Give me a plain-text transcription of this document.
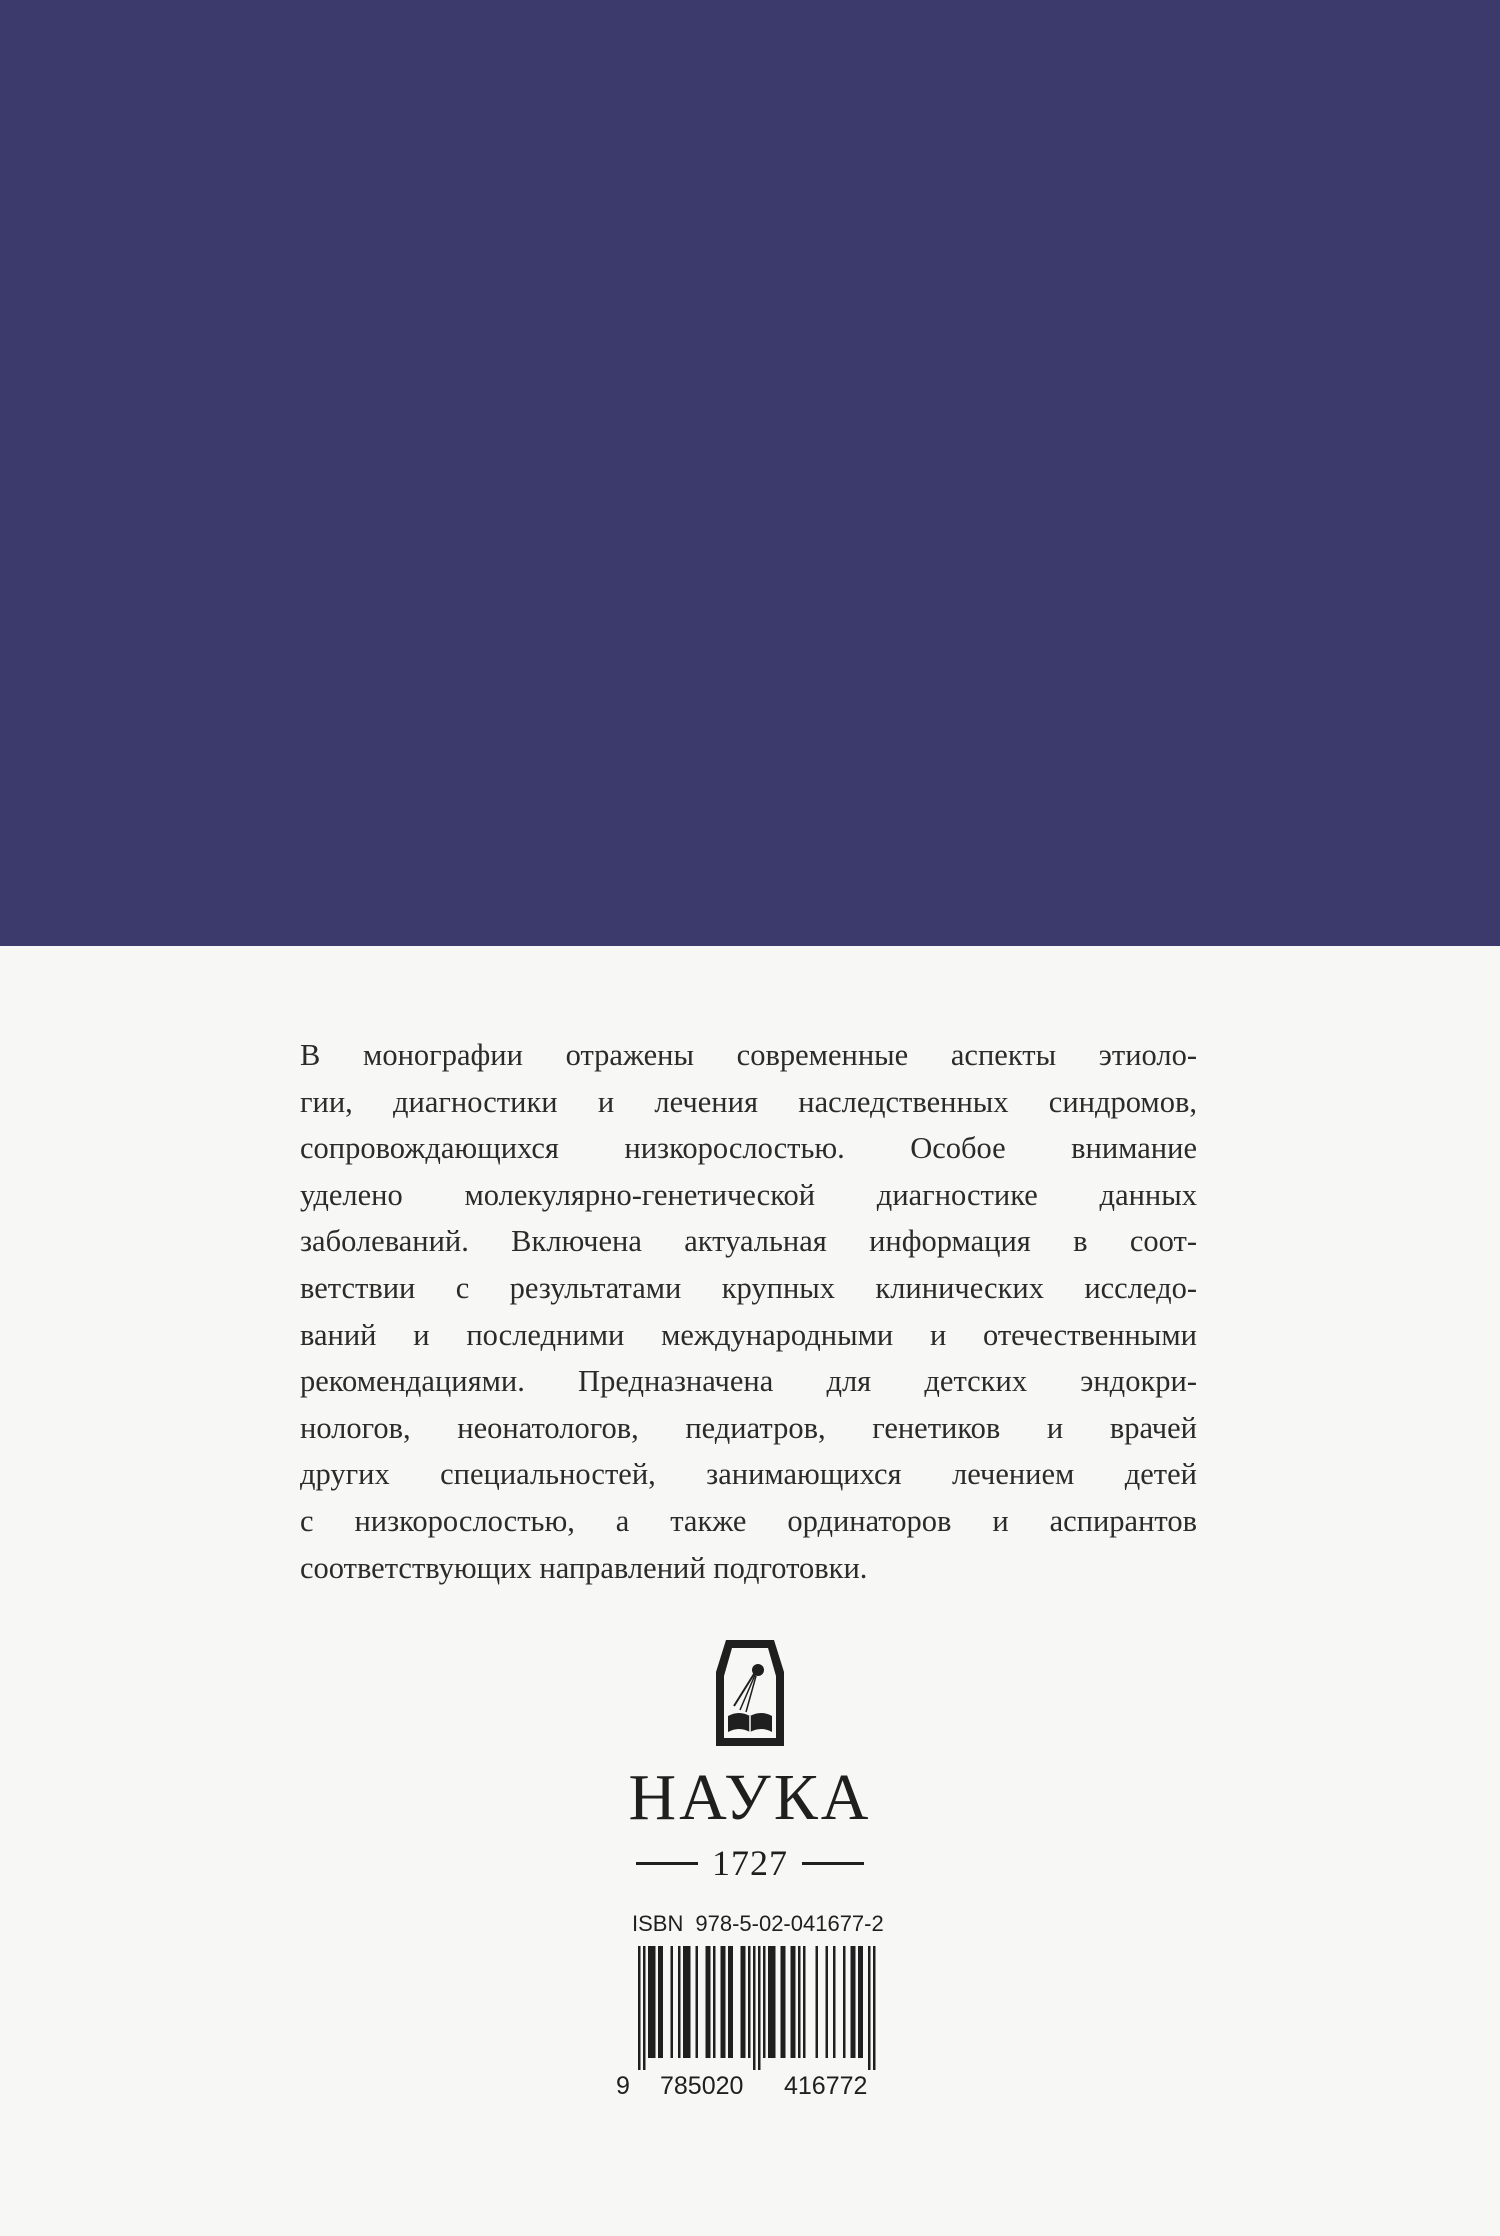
В монографии отражены современные аспекты этиоло-
гии, диагностики и лечения наследственных синдромов,
сопровождающихся низкорослостью. Особое внимание
уделено молекулярно-генетической диагностике данных
заболеваний. Включена актуальная информация в соот-
ветствии с результатами крупных клинических исследо-
ваний и последними международными и отечественными
рекомендациями. Предназначена для детских эндокри-
нологов, неонатологов, педиатров, генетиков и врачей
других специальностей, занимающихся лечением детей
с низкорослостью, а также ординаторов и аспирантов
соответствующих направлений подготовки.
НАУКА
1727
ISBN 978-5-02-041677-2
9 785020 416772
